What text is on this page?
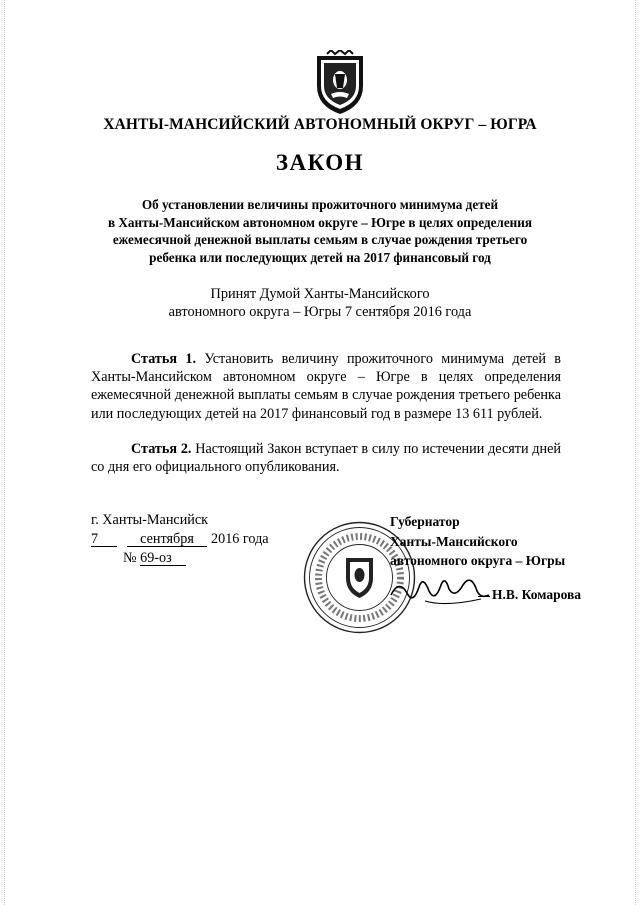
ХАНТЫ-МАНСИЙСКИЙ АВТОНОМНЫЙ ОКРУГ – ЮГРА
ЗАКОН
Об установлении величины прожиточного минимума детей
в Ханты-Мансийском автономном округе – Югре в целях определения
ежемесячной денежной выплаты семьям в случае рождения третьего
ребенка или последующих детей на 2017 финансовый год
Принят Думой Ханты-Мансийского
автономного округа – Югры 7 сентября 2016 года

Статья 1. Установить величину прожиточного минимума детей в Ханты-Мансийском автономном округе – Югре в целях определения ежемесячной денежной выплаты семьям в случае рождения третьего ребенка или последующих детей на 2017 финансовый год в размере 13 611 рублей.

Статья 2. Настоящий Закон вступает в силу по истечении десяти дней со дня его официального опубликования.

г. Ханты-Мансийск
7	сентября 2016 года
№ 69-оз
Губернатор
Ханты-Мансийского
автономного округа – Югры
Н.В. Комарова
